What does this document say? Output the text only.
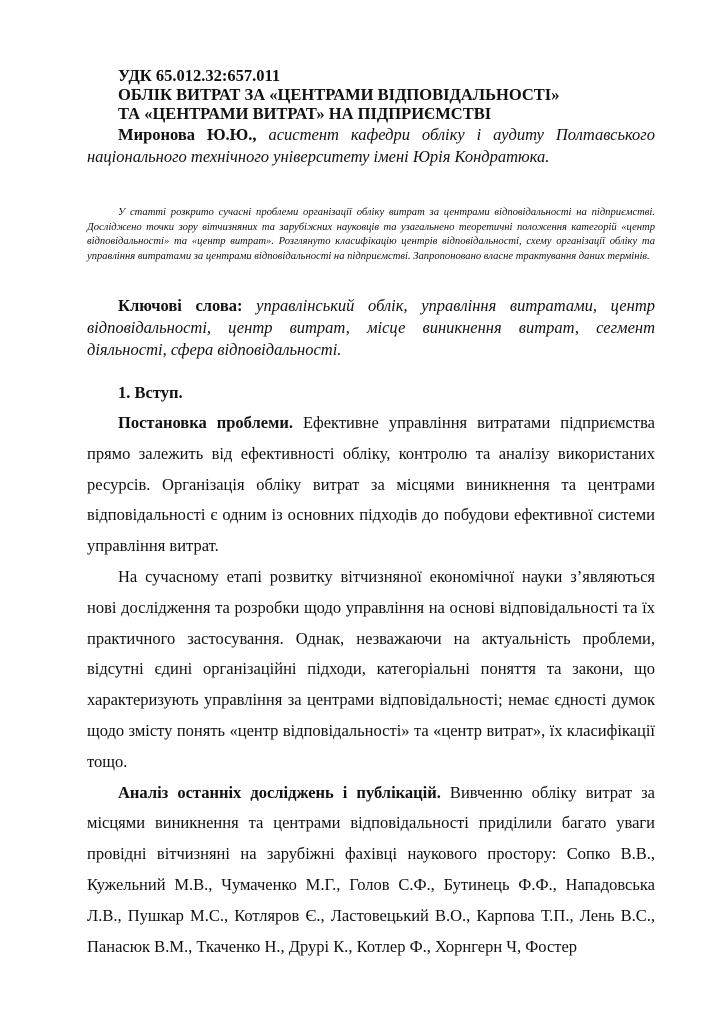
УДК 65.012.32:657.011
ОБЛІК ВИТРАТ ЗА «ЦЕНТРАМИ ВІДПОВІДАЛЬНОСТІ»
ТА «ЦЕНТРАМИ ВИТРАТ» НА ПІДПРИЄМСТВІ
Миронова Ю.Ю., асистент кафедри обліку і аудиту Полтавського національного технічного університету імені Юрія Кондратюка.
У статті розкрито сучасні проблеми організації обліку витрат за центрами відповідальності на підприємстві. Досліджено точки зору вітчизняних та зарубіжних науковців та узагальнено теоретичні положення категорій «центр відповідальності» та «центр витрат». Розглянуто класифікацію центрів відповідальності, схему організації обліку та управління витратами за центрами відповідальності на підприємстві. Запропоновано власне трактування даних термінів.
Ключові слова: управлінський облік, управління витратами, центр відповідальності, центр витрат, місце виникнення витрат, сегмент діяльності, сфера відповідальності.
1. Вступ.

Постановка проблеми. Ефективне управління витратами підприємства прямо залежить від ефективності обліку, контролю та аналізу використаних ресурсів. Організація обліку витрат за місцями виникнення та центрами відповідальності є одним із основних підходів до побудови ефективної системи управління витрат.

На сучасному етапі розвитку вітчизняної економічної науки з’являються нові дослідження та розробки щодо управління на основі відповідальності та їх практичного застосування. Однак, незважаючи на актуальність проблеми, відсутні єдині організаційні підходи, категоріальні поняття та закони, що характеризують управління за центрами відповідальності; немає єдності думок щодо змісту понять «центр відповідальності» та «центр витрат», їх класифікації тощо.

Аналіз останніх досліджень і публікацій. Вивченню обліку витрат за місцями виникнення та центрами відповідальності приділили багато уваги провідні вітчизняні на зарубіжні фахівці наукового простору: Сопко В.В., Кужельний М.В., Чумаченко М.Г., Голов С.Ф., Бутинець Ф.Ф., Нападовська Л.В., Пушкар М.С., Котляров Є., Ластовецький В.О., Карпова Т.П., Лень В.С., Панасюк В.М., Ткаченко Н., Друрі К., Котлер Ф., Хорнгерн Ч, Фостер
